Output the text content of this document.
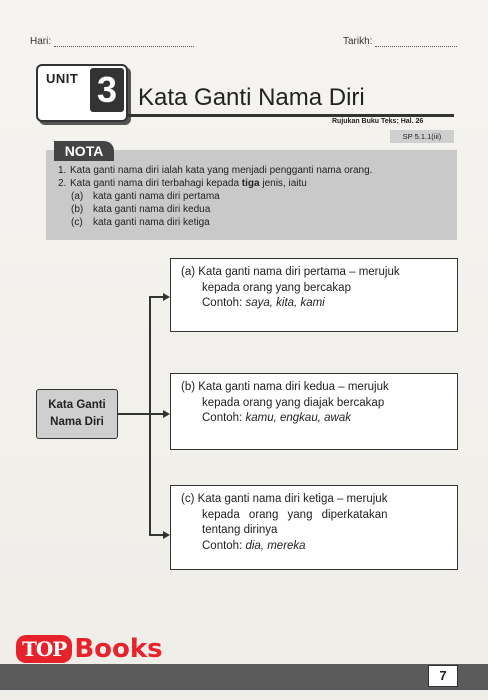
Hari:	Tarikh:
UNIT 3 Kata Ganti Nama Diri
Rujukan Buku Teks: Hal. 26
SP 5.1.1(iii)
NOTA
1. Kata ganti nama diri ialah kata yang menjadi pengganti nama orang.
2. Kata ganti nama diri terbahagi kepada tiga jenis, iaitu
(a) kata ganti nama diri pertama
(b) kata ganti nama diri kedua
(c)	kata ganti nama diri ketiga
Kata Ganti
Nama Diri
(a) Kata ganti nama diri pertama – merujuk
kepada orang yang bercakap
Contoh: saya, kita, kami
(b) Kata ganti nama diri kedua – merujuk
kepada orang yang diajak bercakap
Contoh: kamu, engkau, awak
(c) Kata ganti nama diri ketiga – merujuk
kepada orang yang diperkatakan
tentang dirinya
Contoh: dia, mereka
7
TOP Books
